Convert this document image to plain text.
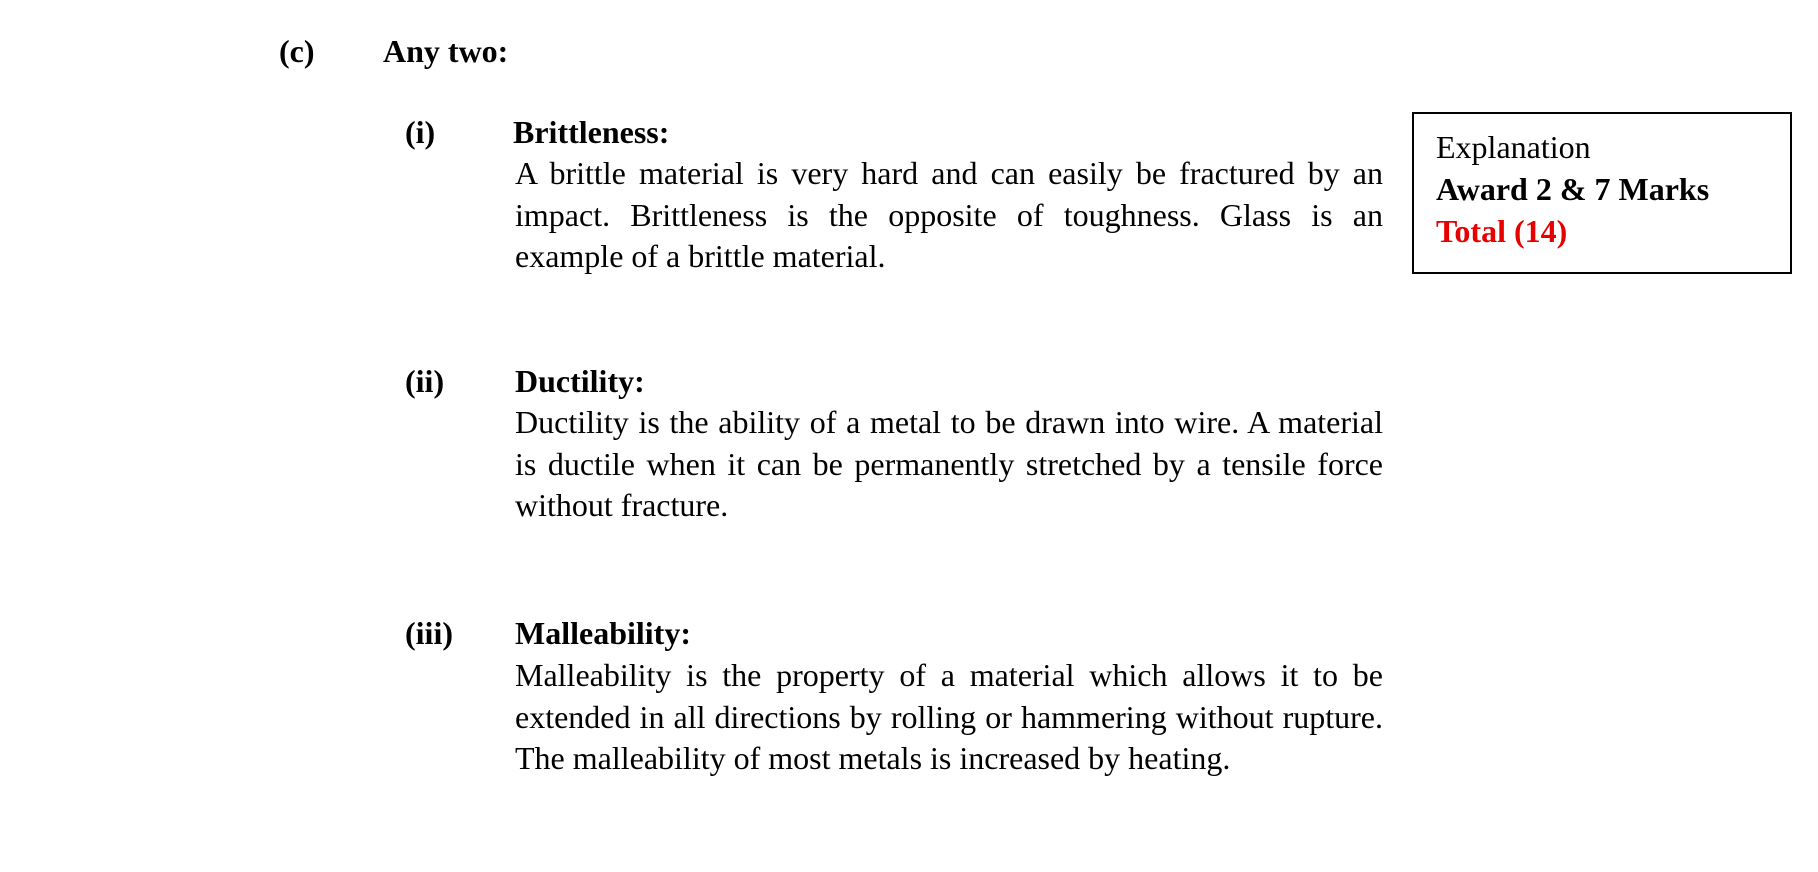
(c) Any two:
(i) Brittleness:
A brittle material is very hard and can easily be fractured by an impact. Brittleness is the opposite of toughness. Glass is an example of a brittle material.
(ii) Ductility:
Ductility is the ability of a metal to be drawn into wire. A material is ductile when it can be permanently stretched by a tensile force without fracture.
(iii) Malleability:
Malleability is the property of a material which allows it to be extended in all directions by rolling or hammering without rupture. The malleability of most metals is increased by heating.
Explanation
Award 2 & 7 Marks
Total (14)
